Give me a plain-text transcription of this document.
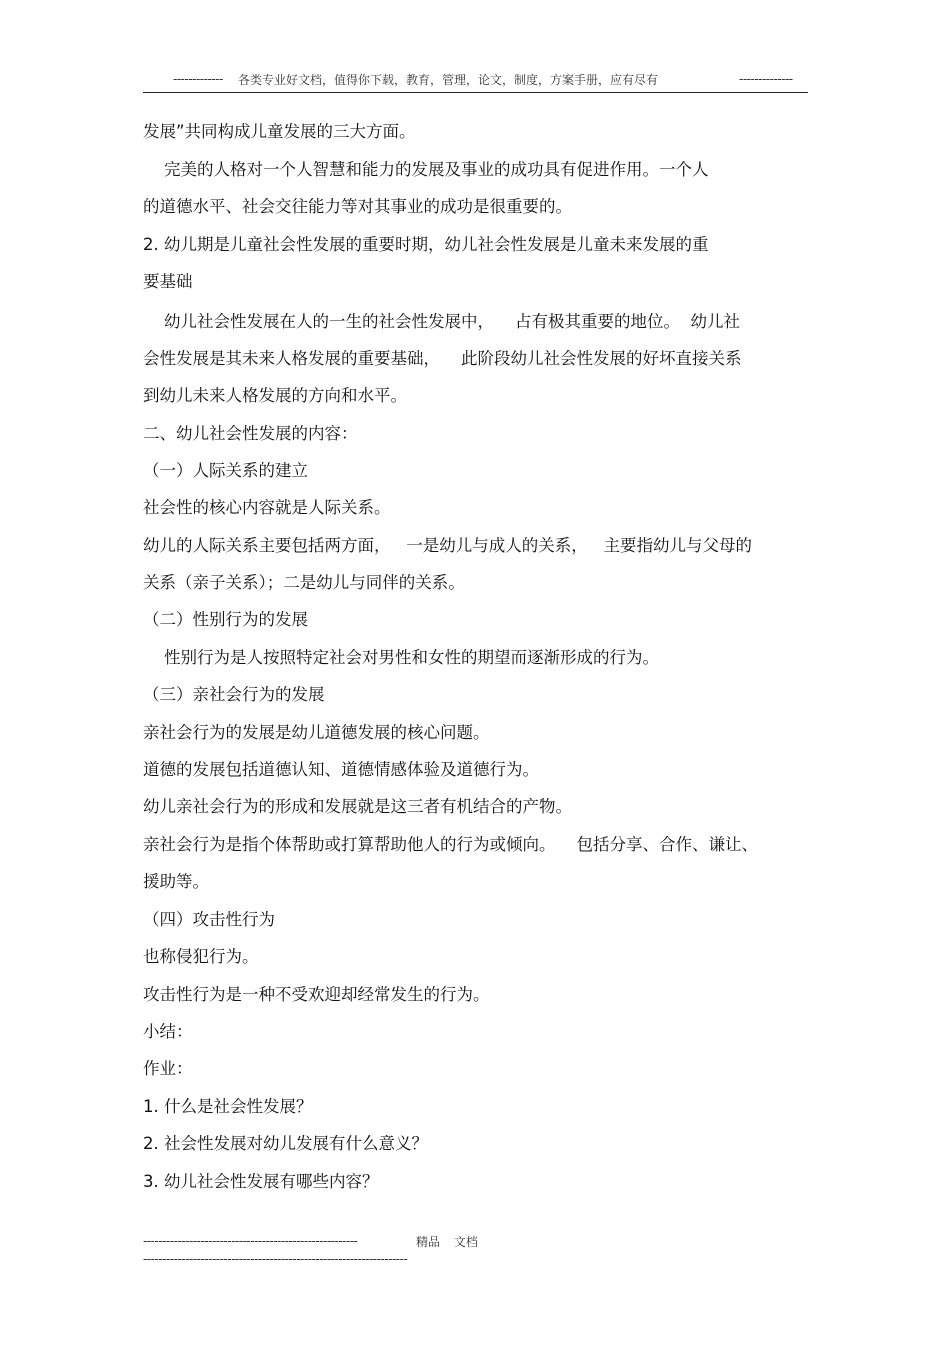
------------- 各类专业好文档，值得你下载，教育，管理，论文，制度，方案手册，应有尽有	--------------
发展”共同构成儿童发展的三大方面。
完美的人格对一个人智慧和能力的发展及事业的成功具有促进作用。一个人
的道德水平、社会交往能力等对其事业的成功是很重要的。
2. 幼儿期是儿童社会性发展的重要时期，幼儿社会性发展是儿童未来发展的重
要基础
幼儿社会性发展在人的一生的社会性发展中，    占有极其重要的地位。  幼儿社
会性发展是其未来人格发展的重要基础，    此阶段幼儿社会性发展的好坏直接关系
到幼儿未来人格发展的方向和水平。
二、幼儿社会性发展的内容：
（一）人际关系的建立
社会性的核心内容就是人际关系。
幼儿的人际关系主要包括两方面，   一是幼儿与成人的关系，   主要指幼儿与父母的
关系（亲子关系）；二是幼儿与同伴的关系。
（二）性别行为的发展
性别行为是人按照特定社会对男性和女性的期望而逐渐形成的行为。
（三）亲社会行为的发展
亲社会行为的发展是幼儿道德发展的核心问题。
道德的发展包括道德认知、道德情感体验及道德行为。
幼儿亲社会行为的形成和发展就是这三者有机结合的产物。
亲社会行为是指个体帮助或打算帮助他人的行为或倾向。    包括分享、合作、谦让、
援助等。
（四）攻击性行为
也称侵犯行为。
攻击性行为是一种不受欢迎却经常发生的行为。
小结：
作业：
1. 什么是社会性发展？
2. 社会性发展对幼儿发展有什么意义？
3. 幼儿社会性发展有哪些内容？
--------------------------------------------------------	精品 文档
---------------------------------------------------------------------
